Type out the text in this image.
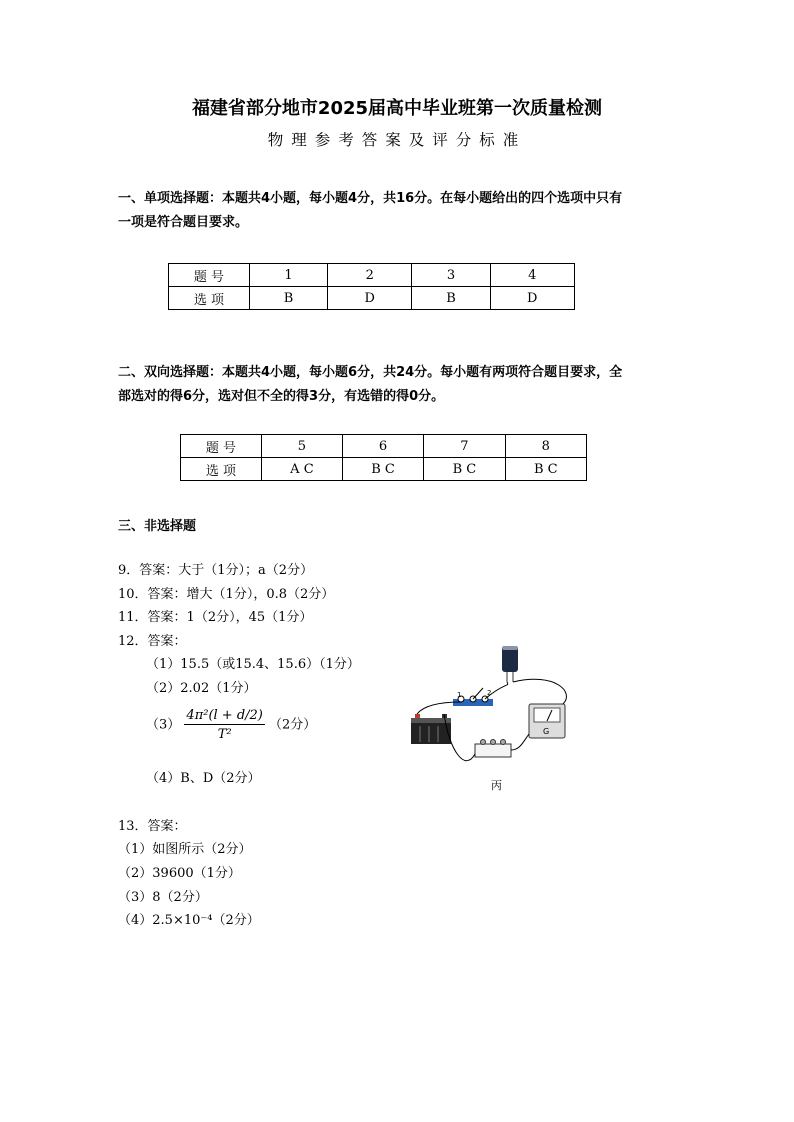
福建省部分地市2025届高中毕业班第一次质量检测
物理参考答案及评分标准
一、单项选择题：本题共4小题，每小题4分，共16分。在每小题给出的四个选项中只有
一项是符合题目要求。
题 号	1	2	3	4
选 项	B	D	B	D
二、双向选择题：本题共4小题，每小题6分，共24分。每小题有两项符合题目要求，全
部选对的得6分，选对但不全的得3分，有选错的得0分。
题 号	5	6	7	8
选 项	A C	B C	B C	B C
三、非选择题
9．答案：大于（1分）；a（2分）
10．答案：增大（1分），0.8（2分）
11．答案：1（2分），45（1分）
12．答案：
（1）15.5（或15.4、15.6）（1分）
（2）2.02（1分）
$(3) \frac{\text{4π²(l + d/2)}}{\text{T²}} (2$分）
（4）B、D（2分）
1	2
G
丙
13．答案：
（1）如图所示（2分）
（2）39600（1分）
（3）8（2分）
（4）2.5×10⁻⁴（2分）
